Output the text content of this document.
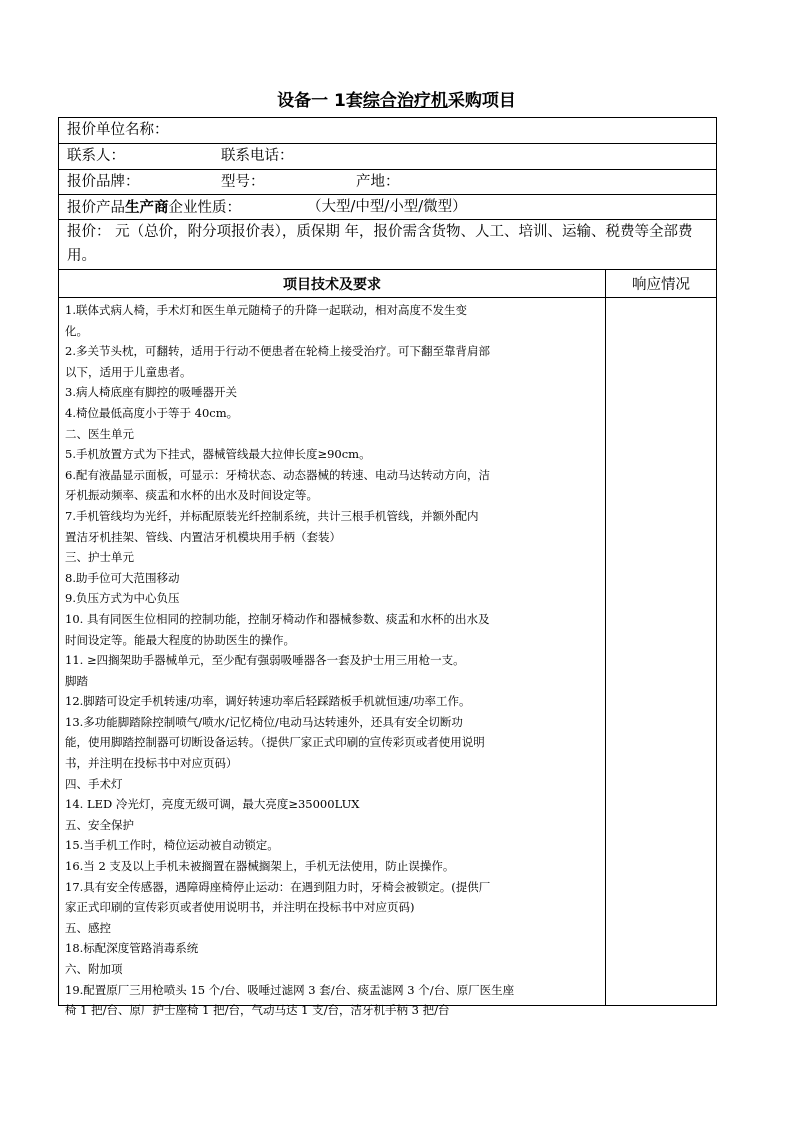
设备一 1套综合治疗机采购项目
报价单位名称：
联系人：	联系电话：
报价品牌：	型号：	产地：
报价产品生产商企业性质：	（大型/中型/小型/微型）
报价： 元（总价，附分项报价表），质保期 年，报价需含货物、人工、培训、运输、税费等全部费用。
项目技术及要求	响应情况
1.联体式病人椅，手术灯和医生单元随椅子的升降一起联动，相对高度不发生变
化。
2.多关节头枕，可翻转，适用于行动不便患者在轮椅上接受治疗。可下翻至靠背肩部
以下，适用于儿童患者。
3.病人椅底座有脚控的吸唾器开关
4.椅位最低高度小于等于 40cm。
二、医生单元
5.手机放置方式为下挂式，器械管线最大拉伸长度≥90cm。
6.配有液晶显示面板，可显示：牙椅状态、动态器械的转速、电动马达转动方向，洁
牙机振动频率、痰盂和水杯的出水及时间设定等。
7.手机管线均为光纤，并标配原装光纤控制系统，共计三根手机管线，并额外配内
置洁牙机挂架、管线、内置洁牙机模块用手柄（套装）
三、护士单元
8.助手位可大范围移动
9.负压方式为中心负压
10. 具有同医生位相同的控制功能，控制牙椅动作和器械参数、痰盂和水杯的出水及
时间设定等。能最大程度的协助医生的操作。
11. ≥四搁架助手器械单元，至少配有强弱吸唾器各一套及护士用三用枪一支。
脚踏
12.脚踏可设定手机转速/功率，调好转速功率后轻踩踏板手机就恒速/功率工作。
13.多功能脚踏除控制喷气/喷水/记忆椅位/电动马达转速外，还具有安全切断功
能，使用脚踏控制器可切断设备运转。（提供厂家正式印刷的宣传彩页或者使用说明
书，并注明在投标书中对应页码）
四、手术灯
14. LED 冷光灯，亮度无级可调，最大亮度≥35000LUX
五、安全保护
15.当手机工作时，椅位运动被自动锁定。
16.当 2 支及以上手机未被搁置在器械搁架上，手机无法使用，防止误操作。
17.具有安全传感器，遇障碍座椅停止运动：在遇到阻力时，牙椅会被锁定。(提供厂
家正式印刷的宣传彩页或者使用说明书，并注明在投标书中对应页码)
五、感控
18.标配深度管路消毒系统
六、附加项
19.配置原厂三用枪喷头 15 个/台、吸唾过滤网 3 套/台、痰盂滤网 3 个/台、原厂医生座
椅 1 把/台、原厂护士座椅 1 把/台，气动马达 1 支/台，洁牙机手柄 3 把/台
